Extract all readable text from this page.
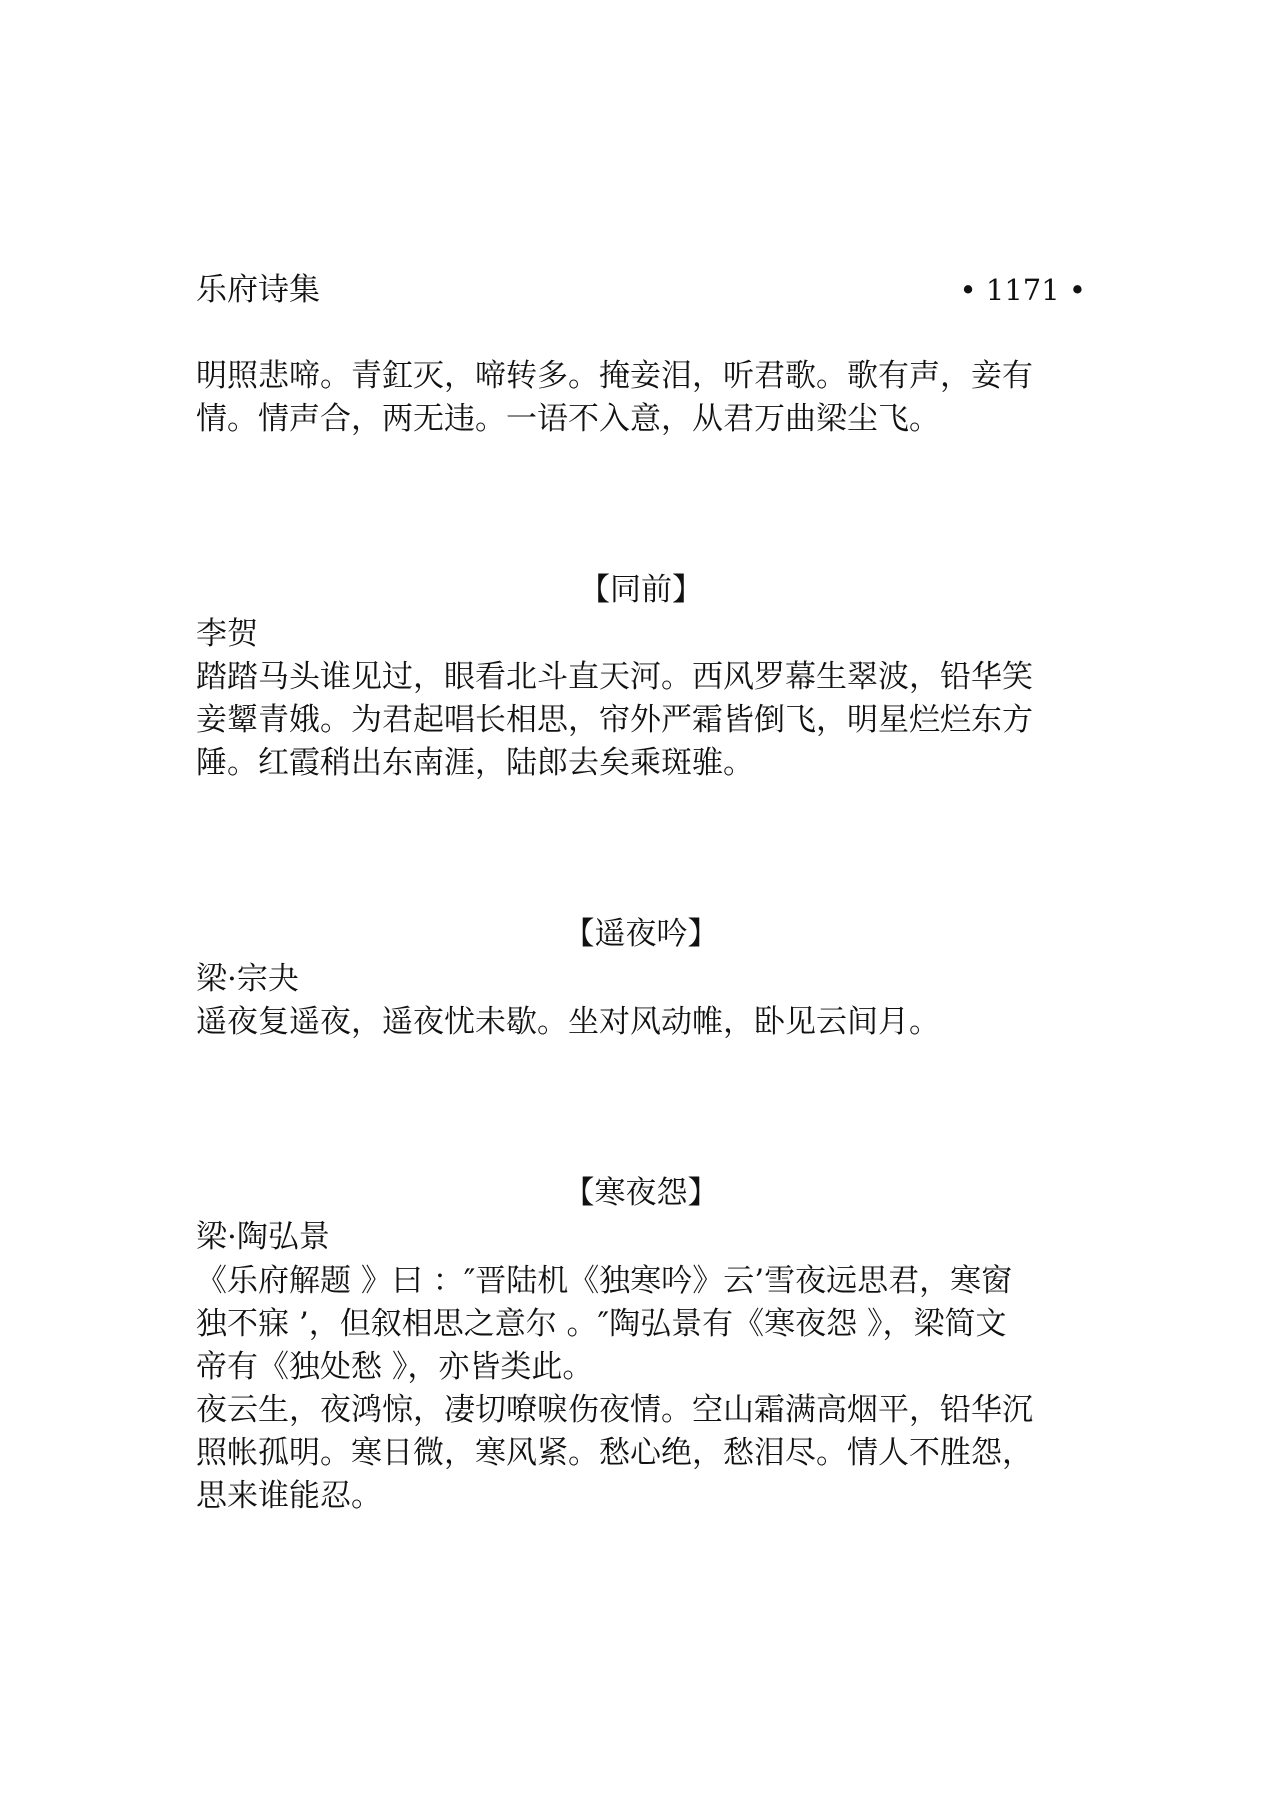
乐府诗集	• 1171 •
明照悲啼。青釭灭，啼转多。掩妾泪，听君歌。歌有声，妾有
情。情声合，两无违。一语不入意，从君万曲梁尘飞。
【同前】
李贺
踏踏马头谁见过，眼看北斗直天河。西风罗幕生翠波，铅华笑
妾颦青娥。为君起唱长相思，帘外严霜皆倒飞，明星烂烂东方
陲。红霞稍出东南涯，陆郎去矣乘斑骓。
【遥夜吟】
梁·宗夬
遥夜复遥夜，遥夜忧未歇。坐对风动帷，卧见云间月。
【寒夜怨】
梁·陶弘景
《乐府解题 》曰 ：″晋陆机《独寒吟》云’雪夜远思君，寒窗
独不寐 ’，但叙相思之意尔 。″陶弘景有《寒夜怨 》，梁简文
帝有《独处愁 》，亦皆类此。
夜云生，夜鸿惊，凄切嘹唳伤夜情。空山霜满高烟平，铅华沉
照帐孤明。寒日微，寒风紧。愁心绝，愁泪尽。情人不胜怨，
思来谁能忍。
